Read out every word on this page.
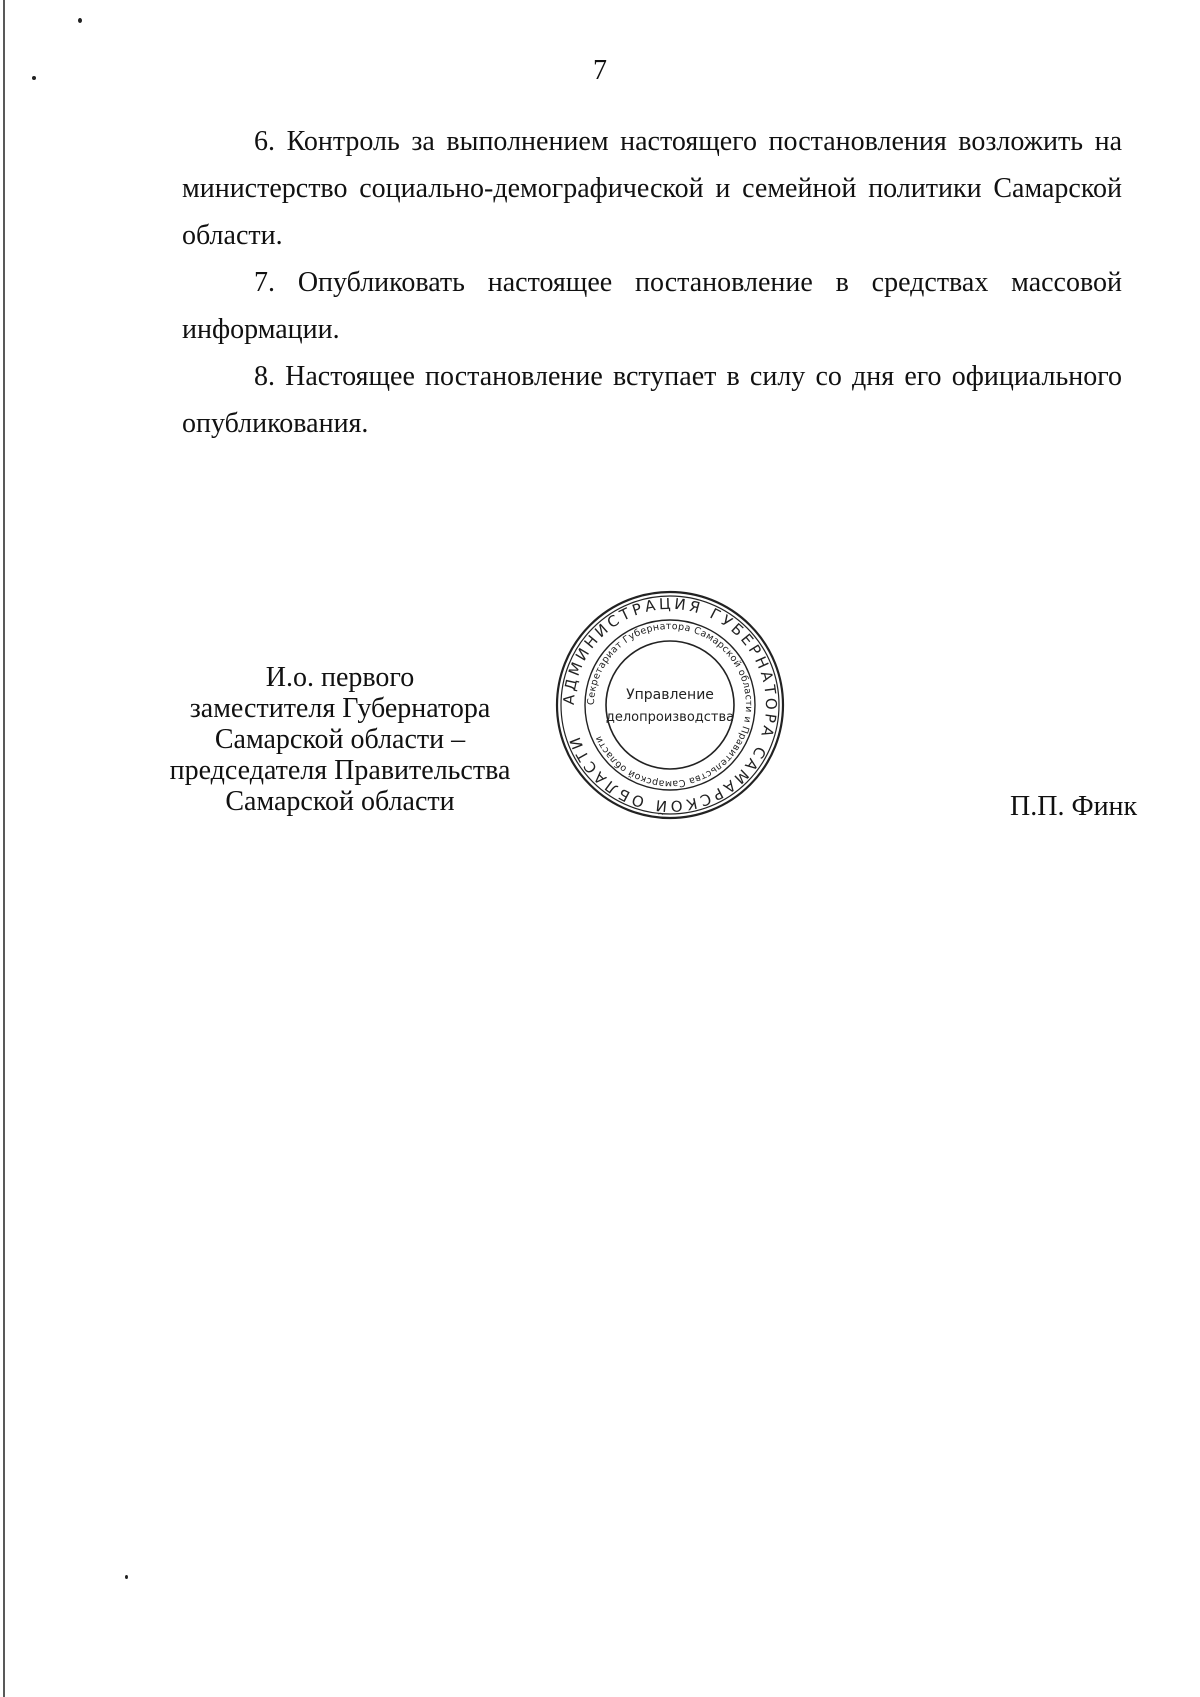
7

6. Контроль за выполнением настоящего постановления возложить на министерство социально-демографической и семейной политики Самарской области.

7. Опубликовать настоящее постановление в средствах массовой информации.

8. Настоящее постановление вступает в силу со дня его официального опубликования.

И.о. первого
заместителя Губернатора
Самарской области –
председателя Правительства
Самарской области
АДМИНИСТРАЦИЯ ГУБЕРНАТОРА САМАРСКОЙ ОБЛАСТИ
Секретариат Губернатора Самарской области и Правительства Самарской области
Управление
делопроизводства
П.П. Финк
